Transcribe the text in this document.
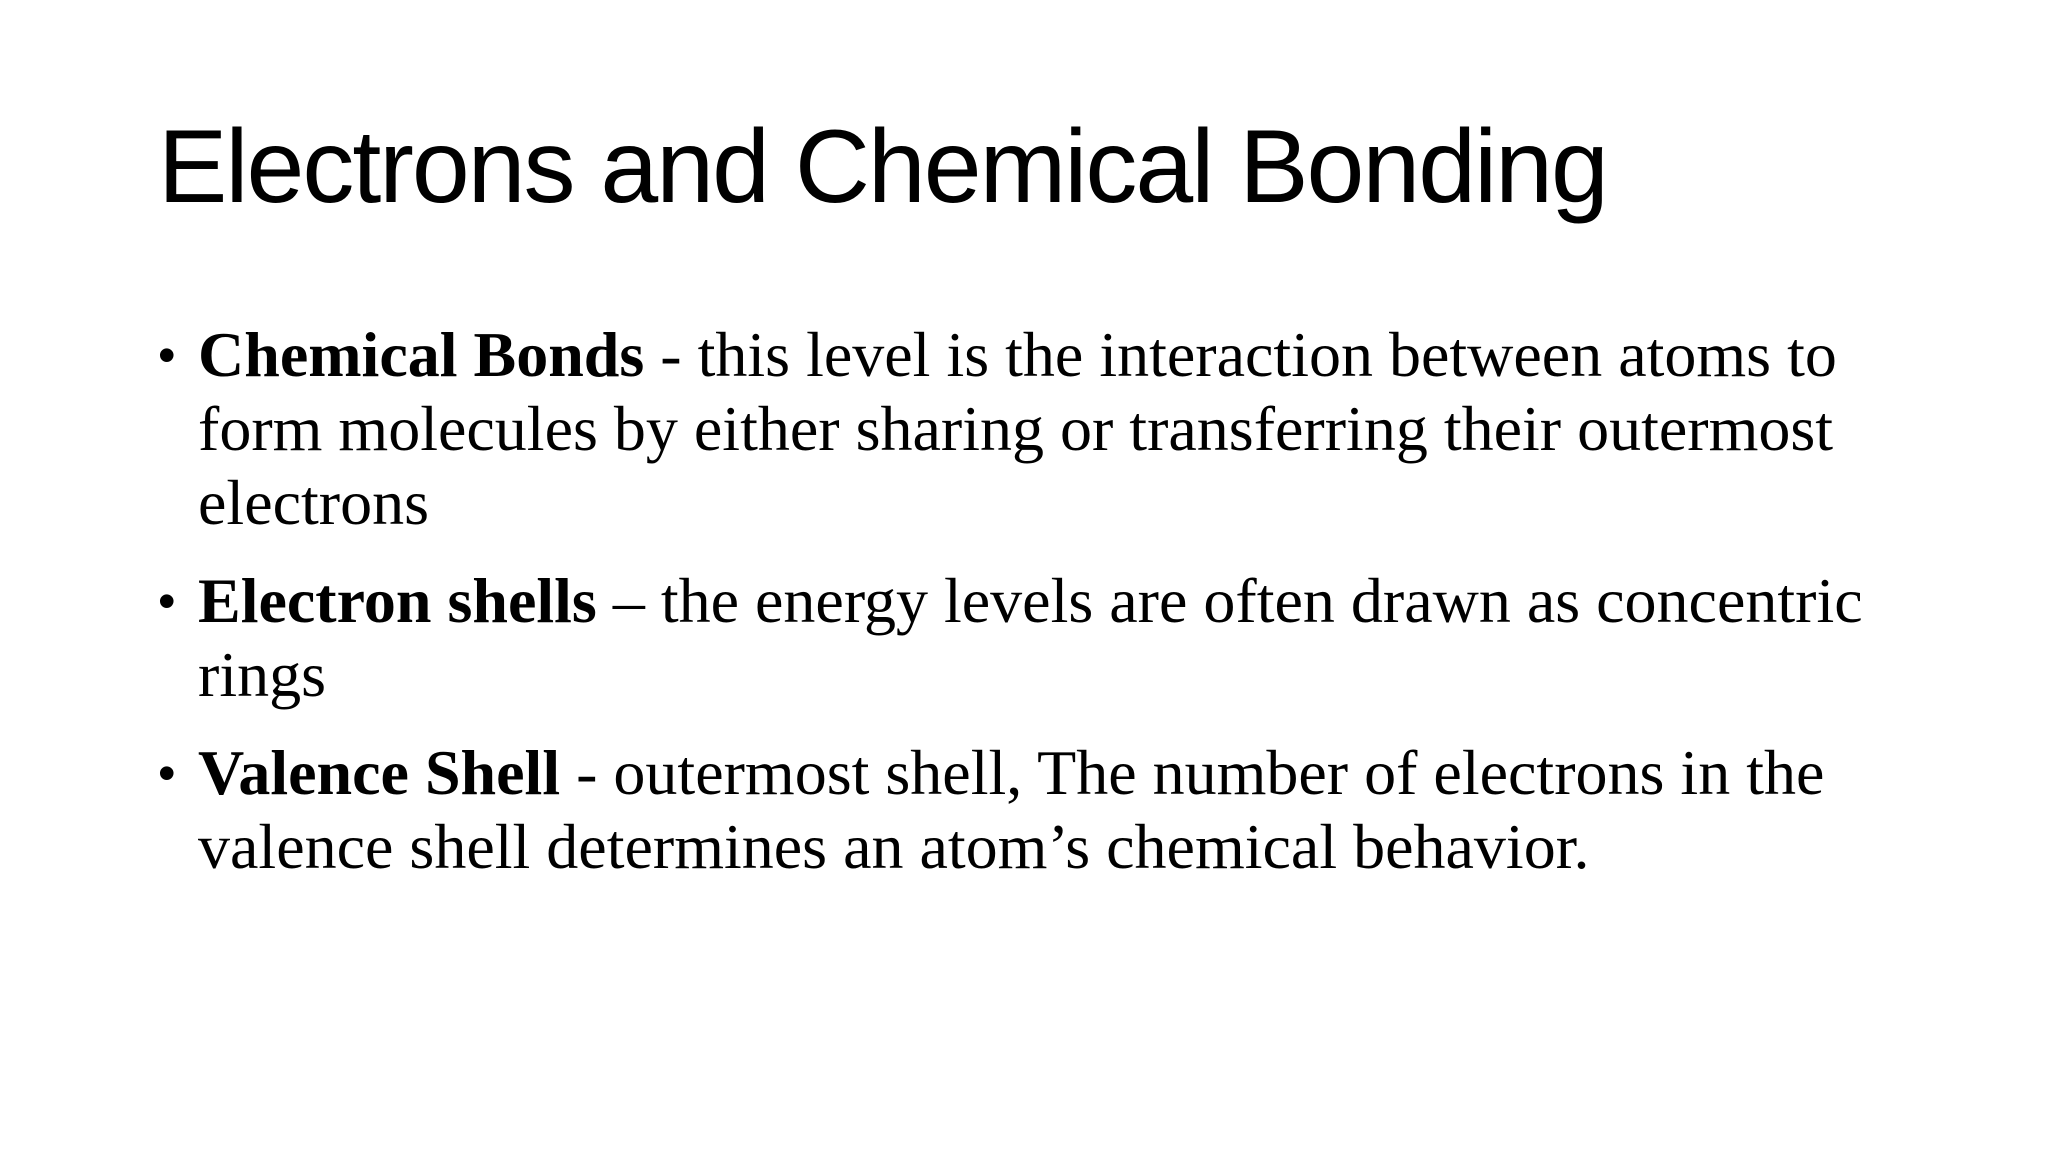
Electrons and Chemical Bonding
• Chemical Bonds - this level is the interaction between atoms to form molecules by either sharing or transferring their outermost electrons
• Electron shells – the energy levels are often drawn as concentric rings
• Valence Shell - outermost shell, The number of electrons in the valence shell determines an atom’s chemical behavior.
